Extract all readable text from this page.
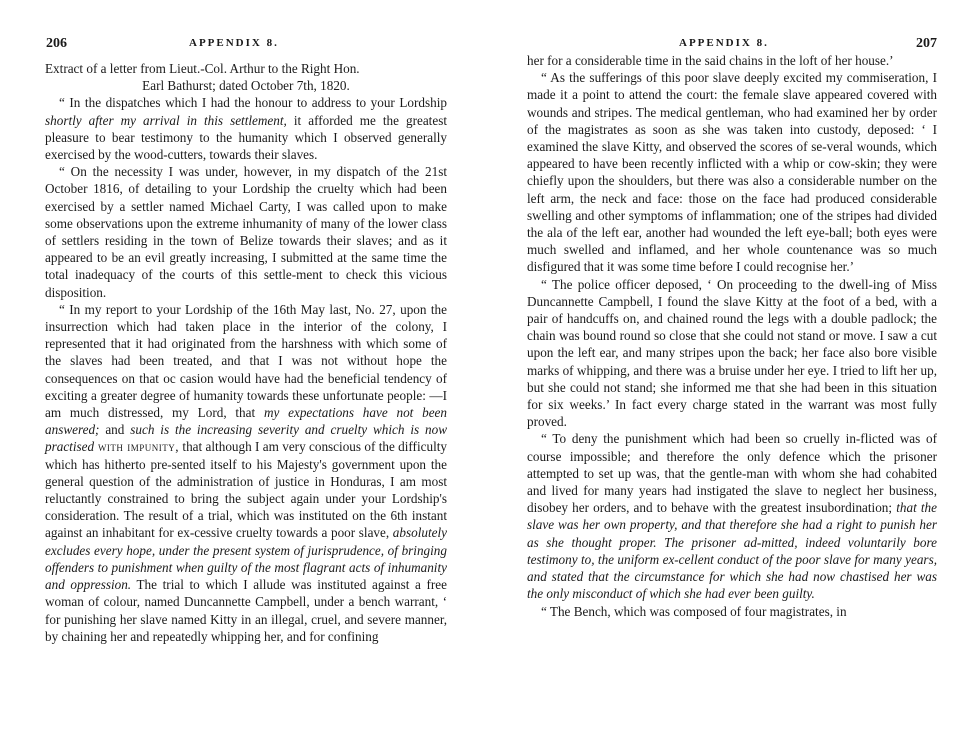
206	APPENDIX 8.

Extract of a letter from Lieut.-Col. Arthur to the Right Hon.

Earl Bathurst; dated October 7th, 1820.

“ In the dispatches which I had the honour to address to your Lordship shortly after my arrival in this settlement, it afforded me the greatest pleasure to bear testimony to the humanity which I observed generally exercised by the wood-cutters, towards their slaves.

“ On the necessity I was under, however, in my dispatch of the 21st October 1816, of detailing to your Lordship the cruelty which had been exercised by a settler named Michael Carty, I was called upon to make some observations upon the extreme inhumanity of many of the lower class of settlers residing in the town of Belize towards their slaves; and as it appeared to be an evil greatly increasing, I submitted at the same time the total inadequacy of the courts of this settle-ment to check this vicious disposition.

“ In my report to your Lordship of the 16th May last, No. 27, upon the insurrection which had taken place in the interior of the colony, I represented that it had originated from the harshness with which some of the slaves had been treated, and that I was not without hope the consequences on that oc casion would have had the beneficial tendency of exciting a greater degree of humanity towards these unfortunate people: —I am much distressed, my Lord, that my expectations have not been answered; and such is the increasing severity and cruelty which is now practised with impunity, that although I am very conscious of the difficulty which has hitherto pre-sented itself to his Majesty's government upon the general question of the administration of justice in Honduras, I am most reluctantly constrained to bring the subject again under your Lordship's consideration. The result of a trial, which was instituted on the 6th instant against an inhabitant for ex-cessive cruelty towards a poor slave, absolutely excludes every hope, under the present system of jurisprudence, of bringing offenders to punishment when guilty of the most flagrant acts of inhumanity and oppression. The trial to which I allude was instituted against a free woman of colour, named Duncannette Campbell, under a bench warrant, ‘ for punishing her slave named Kitty in an illegal, cruel, and severe manner, by chaining her and repeatedly whipping her, and for confining

APPENDIX 8.	207

her for a considerable time in the said chains in the loft of her house.’

“ As the sufferings of this poor slave deeply excited my commiseration, I made it a point to attend the court: the female slave appeared covered with wounds and stripes. The medical gentleman, who had examined her by order of the magistrates as soon as she was taken into custody, deposed: ‘ I examined the slave Kitty, and observed the scores of se-veral wounds, which appeared to have been recently inflicted with a whip or cow-skin; they were chiefly upon the shoulders, but there was also a considerable number on the left arm, the neck and face: those on the face had produced considerable swelling and other symptoms of inflammation; one of the stripes had divided the ala of the left ear, another had wounded the left eye-ball; both eyes were much swelled and inflamed, and her whole countenance was so much disfigured that it was some time before I could recognise her.’

“ The police officer deposed, ‘ On proceeding to the dwell-ing of Miss Duncannette Campbell, I found the slave Kitty at the foot of a bed, with a pair of handcuffs on, and chained round the legs with a double padlock; the chain was bound round so close that she could not stand or move. I saw a cut upon the left ear, and many stripes upon the back; her face also bore visible marks of whipping, and there was a bruise under her eye. I tried to lift her up, but she could not stand; she informed me that she had been in this situation for six weeks.’ In fact every charge stated in the warrant was most fully proved.

“ To deny the punishment which had been so cruelly in-flicted was of course impossible; and therefore the only defence which the prisoner attempted to set up was, that the gentle-man with whom she had cohabited and lived for many years had instigated the slave to neglect her business, disobey her orders, and to behave with the greatest insubordination; that the slave was her own property, and that therefore she had a right to punish her as she thought proper. The prisoner ad-mitted, indeed voluntarily bore testimony to, the uniform ex-cellent conduct of the poor slave for many years, and stated that the circumstance for which she had now chastised her was the only misconduct of which she had ever been guilty.

“ The Bench, which was composed of four magistrates, in
